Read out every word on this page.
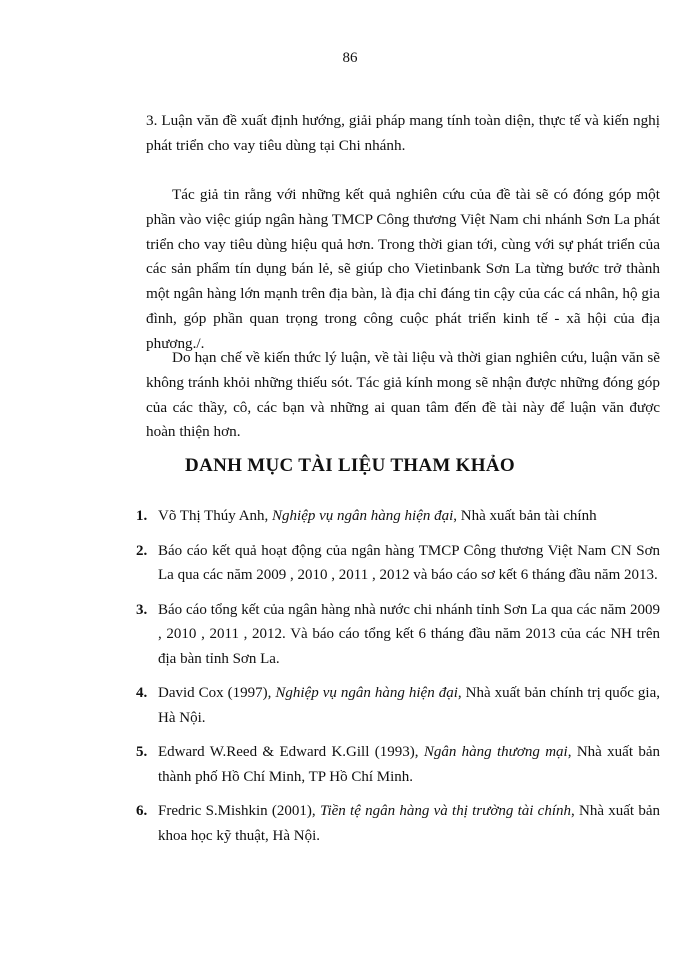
86

3. Luận văn đề xuất định hướng, giải pháp mang tính toàn diện, thực tế và kiến nghị phát triển cho vay tiêu dùng tại Chi nhánh.

Tác giả tin rằng với những kết quả nghiên cứu của đề tài sẽ có đóng góp một phần vào việc giúp ngân hàng TMCP Công thương Việt Nam chi nhánh Sơn La phát triển cho vay tiêu dùng hiệu quả hơn. Trong thời gian tới, cùng với sự phát triển của các sản phẩm tín dụng bán lẻ, sẽ giúp cho Vietinbank Sơn La từng bước trở thành một ngân hàng lớn mạnh trên địa bàn, là địa chỉ đáng tin cậy của các cá nhân, hộ gia đình, góp phần quan trọng trong công cuộc phát triển kinh tế - xã hội của địa phương./.

Do hạn chế về kiến thức lý luận, về tài liệu và thời gian nghiên cứu, luận văn sẽ không tránh khỏi những thiếu sót. Tác giả kính mong sẽ nhận được những đóng góp của các thầy, cô, các bạn và những ai quan tâm đến đề tài này để luận văn được hoàn thiện hơn.

DANH MỤC TÀI LIỆU THAM KHẢO
1. Võ Thị Thúy Anh, Nghiệp vụ ngân hàng hiện đại, Nhà xuất bản tài chính
2. Báo cáo kết quả hoạt động của ngân hàng TMCP Công thương Việt Nam CN Sơn La qua các năm 2009 , 2010 , 2011 , 2012 và báo cáo sơ kết 6 tháng đầu năm 2013.
3. Báo cáo tổng kết của ngân hàng nhà nước chi nhánh tỉnh Sơn La qua các năm 2009 , 2010 , 2011 , 2012. Và báo cáo tổng kết 6 tháng đầu năm 2013 của các NH trên địa bàn tỉnh Sơn La.
4. David Cox (1997), Nghiệp vụ ngân hàng hiện đại, Nhà xuất bản chính trị quốc gia, Hà Nội.
5. Edward W.Reed & Edward K.Gill (1993), Ngân hàng thương mại, Nhà xuất bản thành phố Hồ Chí Minh, TP Hồ Chí Minh.
6. Fredric S.Mishkin (2001), Tiền tệ ngân hàng và thị trường tài chính, Nhà xuất bản khoa học kỹ thuật, Hà Nội.
